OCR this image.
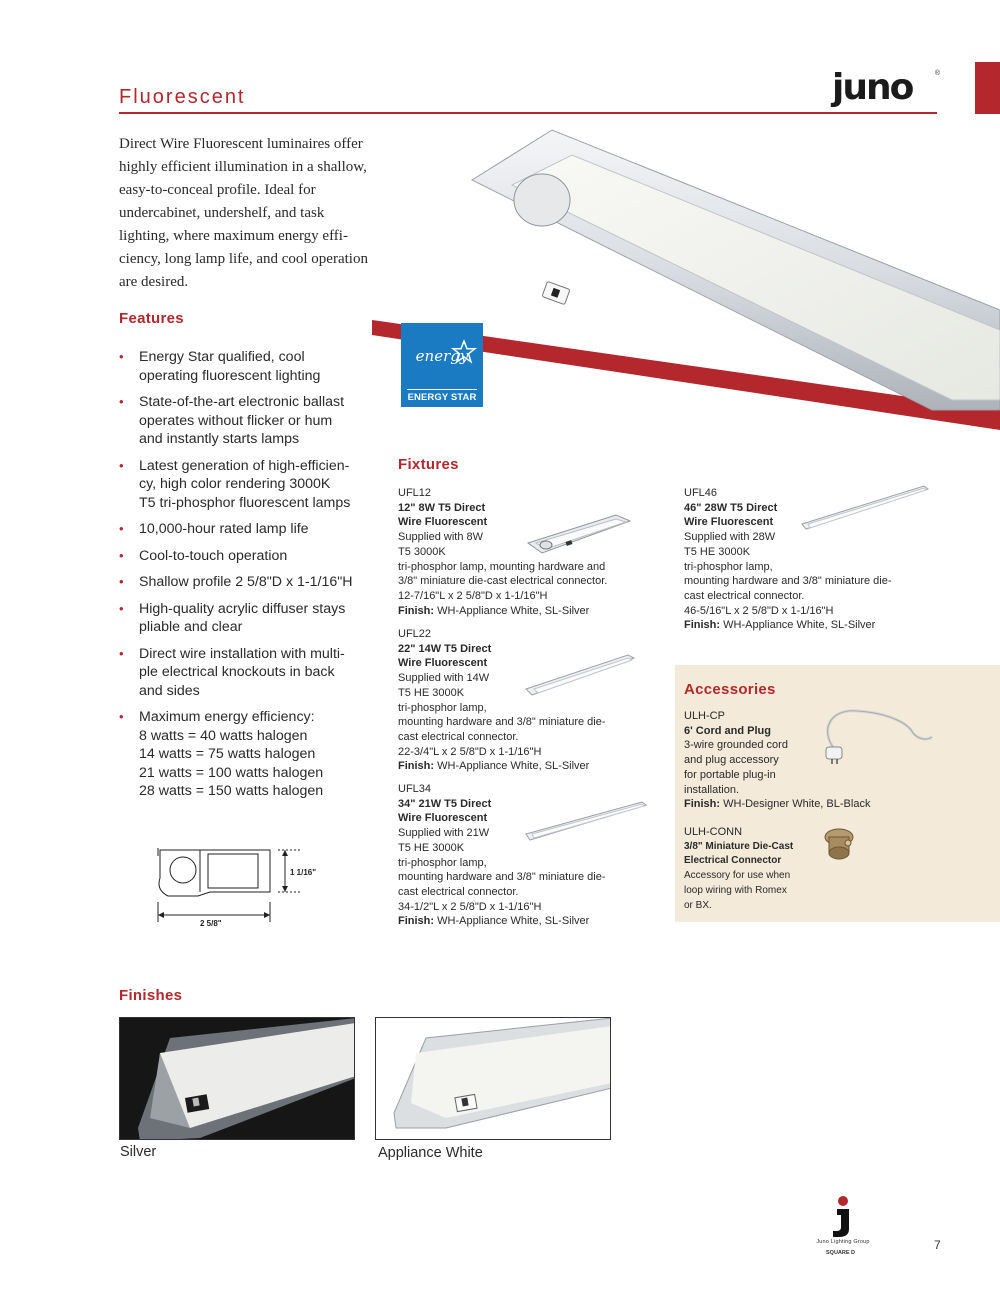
Fluorescent	juno	®

Direct Wire Fluorescent luminaires offer highly efficient illumination in a shallow, easy-to-conceal profile. Ideal for undercabinet, undershelf, and task lighting, where maximum energy effi-ciency, long lamp life, and cool operation are desired.

energy
ENERGY STAR
Features
• Energy Star qualified, cool
operating fluorescent lighting
• State-of-the-art electronic ballast
operates without flicker or hum
and instantly starts lamps
• Latest generation of high-efficien-
cy, high color rendering 3000K
T5 tri-phosphor fluorescent lamps
• 10,000-hour rated lamp life
• Cool-to-touch operation
• Shallow profile 2 5/8"D x 1-1/16"H
• High-quality acrylic diffuser stays
pliable and clear
• Direct wire installation with multi-
ple electrical knockouts in back
and sides
• Maximum energy efficiency:
8 watts = 40 watts halogen
14 watts = 75 watts halogen
21 watts = 100 watts halogen
28 watts = 150 watts halogen
1 1/16"
2 5/8"
Fixtures
UFL12
12" 8W T5 Direct
Wire Fluorescent
Supplied with 8W
T5 3000K
tri-phosphor lamp, mounting hardware and
3/8" miniature die-cast electrical connector.
12-7/16"L x 2 5/8"D x 1-1/16"H
Finish: WH-Appliance White, SL-Silver
UFL22
22" 14W T5 Direct
Wire Fluorescent
Supplied with 14W
T5 HE 3000K
tri-phosphor lamp,
mounting hardware and 3/8" miniature die-
cast electrical connector.
22-3/4"L x 2 5/8"D x 1-1/16"H
Finish: WH-Appliance White, SL-Silver
UFL34
34" 21W T5 Direct
Wire Fluorescent
Supplied with 21W
T5 HE 3000K
tri-phosphor lamp,
mounting hardware and 3/8" miniature die-
cast electrical connector.
34-1/2"L x 2 5/8"D x 1-1/16"H
Finish: WH-Appliance White, SL-Silver
UFL46
46" 28W T5 Direct
Wire Fluorescent
Supplied with 28W
T5 HE 3000K
tri-phosphor lamp,
mounting hardware and 3/8" miniature die-
cast electrical connector.
46-5/16"L x 2 5/8"D x 1-1/16"H
Finish: WH-Appliance White, SL-Silver
Accessories
ULH-CP
6' Cord and Plug
3-wire grounded cord
and plug accessory
for portable plug-in
installation.
Finish: WH-Designer White, BL-Black
ULH-CONN
3/8" Miniature Die-Cast
Electrical Connector
Accessory for use when
loop wiring with Romex
or BX.
Finishes
Silver	Appliance White
Juno Lighting Group
SQUARE D
7
